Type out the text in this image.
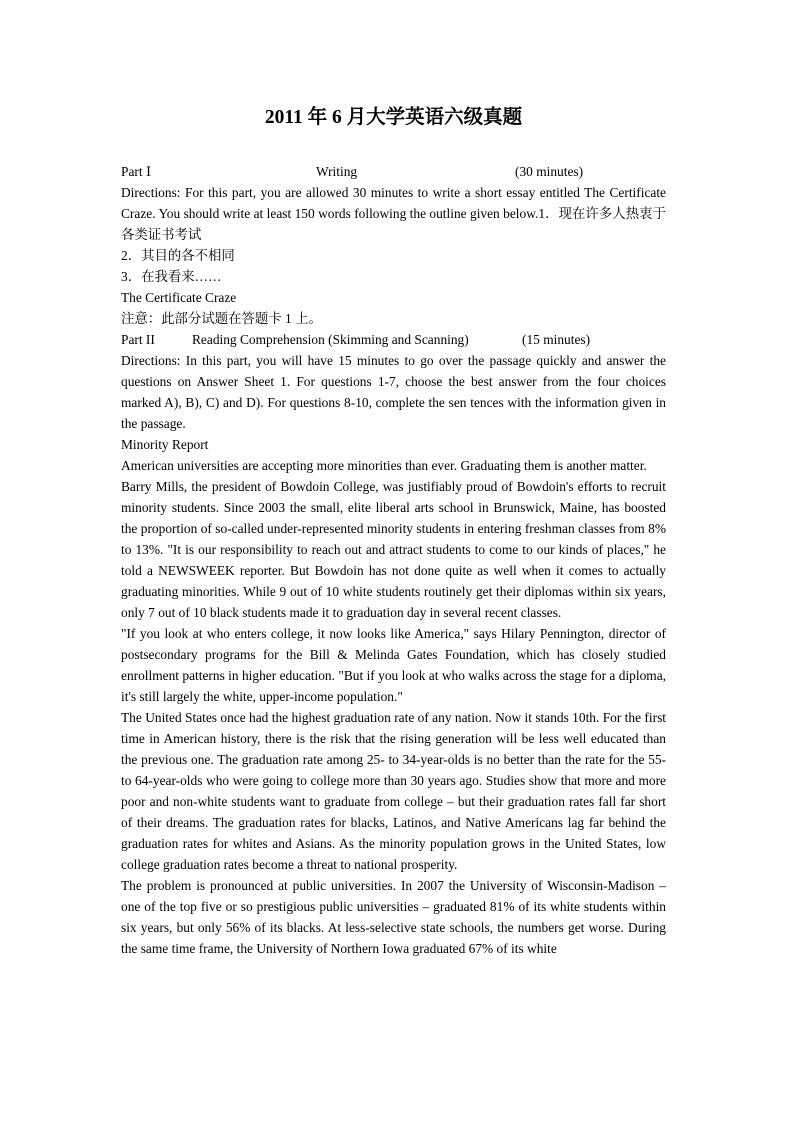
2011 年 6 月大学英语六级真题
Part Ⅰ	Writing	(30 minutes)

Directions: For this part, you are allowed 30 minutes to write a short essay entitled The Certificate Craze. You should write at least 150 words following the outline given below.1．现在许多人热衷于各类证书考试

2．其目的各不相同

3．在我看来……

The Certificate Craze

注意：此部分试题在答题卡 1 上。

Part II	Reading Comprehension (Skimming and Scanning)	(15 minutes)

Directions: In this part, you will have 15 minutes to go over the passage quickly and answer the questions on Answer Sheet 1. For questions 1-7, choose the best answer from the four choices marked A), B), C) and D). For questions 8-10, complete the sen tences with the information given in the passage.

Minority Report

American universities are accepting more minorities than ever. Graduating them is another matter.

Barry Mills, the president of Bowdoin College, was justifiably proud of Bowdoin's efforts to recruit minority students. Since 2003 the small, elite liberal arts school in Brunswick, Maine, has boosted the proportion of so-called under-represented minority students in entering freshman classes from 8% to 13%. "It is our responsibility to reach out and attract students to come to our kinds of places," he told a NEWSWEEK reporter. But Bowdoin has not done quite as well when it comes to actually graduating minorities. While 9 out of 10 white students routinely get their diplomas within six years, only 7 out of 10 black students made it to graduation day in several recent classes.

"If you look at who enters college, it now looks like America," says Hilary Pennington, director of postsecondary programs for the Bill & Melinda Gates Foundation, which has closely studied enrollment patterns in higher education. "But if you look at who walks across the stage for a diploma, it's still largely the white, upper-income population."

The United States once had the highest graduation rate of any nation. Now it stands 10th. For the first time in American history, there is the risk that the rising generation will be less well educated than the previous one. The graduation rate among 25- to 34-year-olds is no better than the rate for the 55- to 64-year-olds who were going to college more than 30 years ago. Studies show that more and more poor and non-white students want to graduate from college – but their graduation rates fall far short of their dreams. The graduation rates for blacks, Latinos, and Native Americans lag far behind the graduation rates for whites and Asians. As the minority population grows in the United States, low college graduation rates become a threat to national prosperity.

The problem is pronounced at public universities. In 2007 the University of Wisconsin-Madison – one of the top five or so prestigious public universities – graduated 81% of its white students within six years, but only 56% of its blacks. At less-selective state schools, the numbers get worse. During the same time frame, the University of Northern Iowa graduated 67% of its white
